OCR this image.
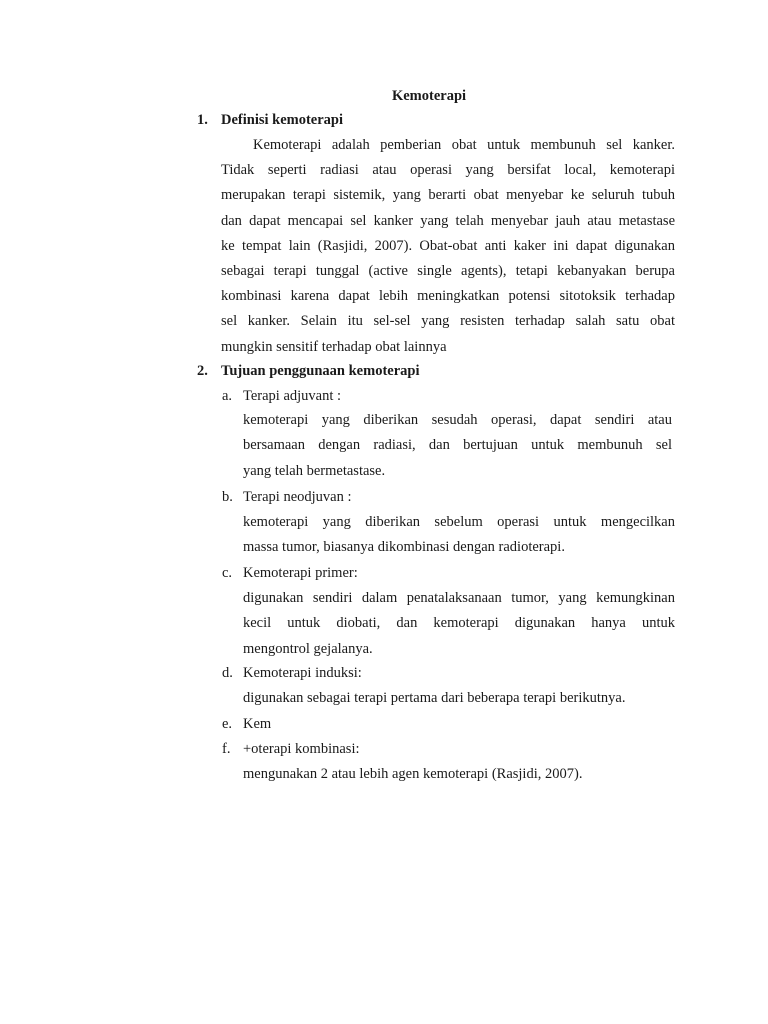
Kemoterapi
1. Definisi kemoterapi
Kemoterapi adalah pemberian obat untuk membunuh sel kanker.
Tidak seperti radiasi atau operasi yang bersifat local, kemoterapi
merupakan terapi sistemik, yang berarti obat menyebar ke seluruh tubuh
dan dapat mencapai sel kanker yang telah menyebar jauh atau metastase
ke tempat lain (Rasjidi, 2007). Obat-obat anti kaker ini dapat digunakan
sebagai terapi tunggal (active single agents), tetapi kebanyakan berupa
kombinasi karena dapat lebih meningkatkan potensi sitotoksik terhadap
sel kanker. Selain itu sel-sel yang resisten terhadap salah satu obat
mungkin sensitif terhadap obat lainnya
2. Tujuan penggunaan kemoterapi
a. Terapi adjuvant :
kemoterapi yang diberikan sesudah operasi, dapat sendiri atau
bersamaan dengan radiasi, dan bertujuan untuk membunuh sel
yang telah bermetastase.
b. Terapi neodjuvan :
kemoterapi yang diberikan sebelum operasi untuk mengecilkan
massa tumor, biasanya dikombinasi dengan radioterapi.
c. Kemoterapi primer:
digunakan sendiri dalam penatalaksanaan tumor, yang kemungkinan
kecil untuk diobati, dan kemoterapi digunakan hanya untuk
mengontrol gejalanya.
d. Kemoterapi induksi:
digunakan sebagai terapi pertama dari beberapa terapi berikutnya.
e. Kem
f. +oterapi kombinasi:
mengunakan 2 atau lebih agen kemoterapi (Rasjidi, 2007).
